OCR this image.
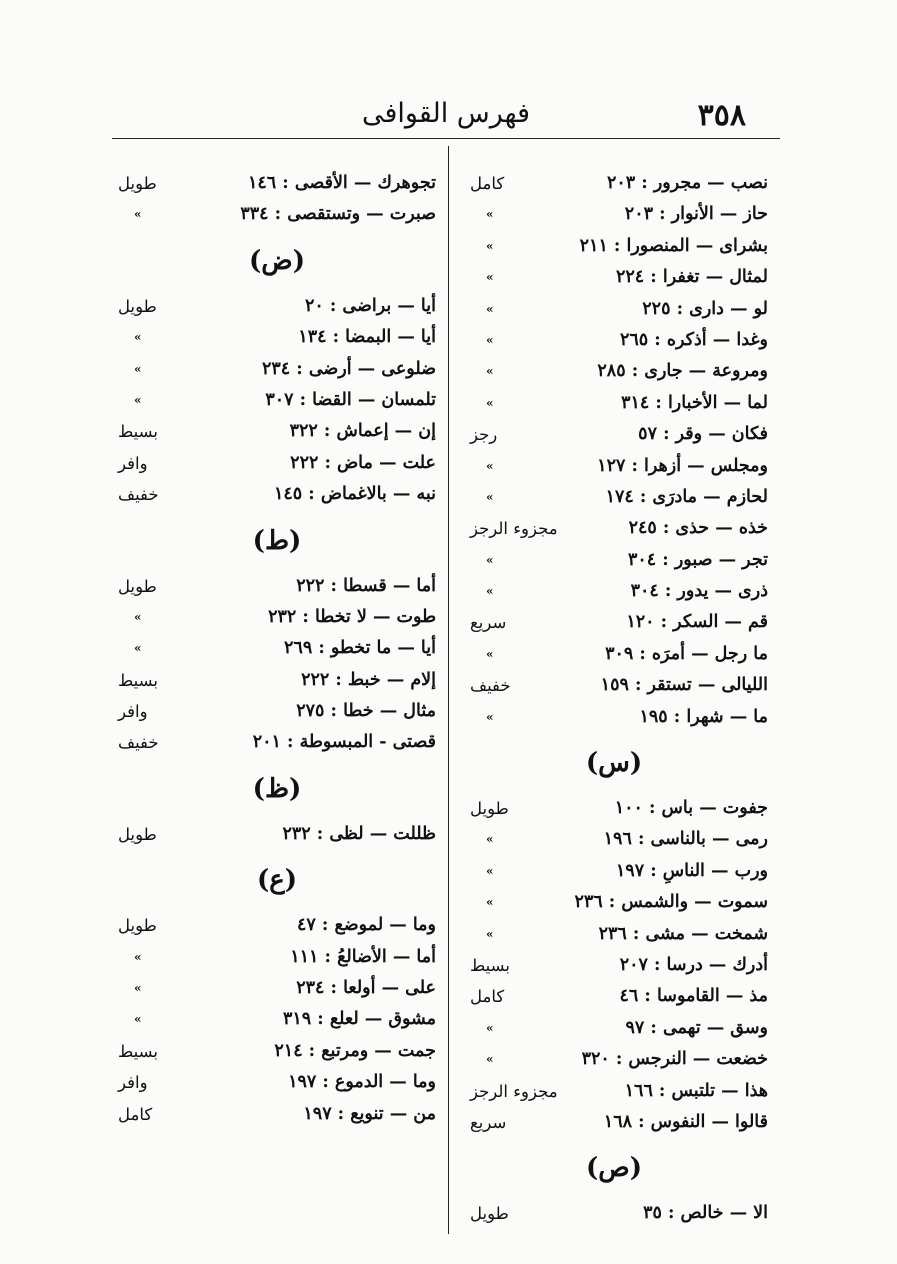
٣٥٨
فهرس القوافى
نصب — مجرور : ٢٠٣
كامل
حاز — الأنوار : ٢٠٣
»
بشراى — المنصورا : ٢١١
»
لمثال — تغفرا : ٢٢٤
»
لو — دارى : ٢٢٥
»
وغدا — أذكره : ٢٦٥
»
ومروعة — جارى : ٢٨٥
»
لما — الأخبارا : ٣١٤
»
فكان — وقر : ٥٧
رجز
ومجلس — أزهرا : ١٢٧
»
لحازم — مادرَى : ١٧٤
»
خذه — حذى : ٢٤٥
مجزوء الرجز
تجر — صبور : ٣٠٤
»
ذرى — يدور : ٣٠٤
»
قم — السكر : ١٢٠
سريع
ما رجل — أمرَه : ٣٠٩
»
الليالى — تستقر : ١٥٩
خفيف
ما — شهرا : ١٩٥
»
(س)
جفوت — باس : ١٠٠
طويل
رمى — بالناسى : ١٩٦
»
ورب — الناسِ : ١٩٧
»
سموت — والشمس : ٢٣٦
»
شمخت — مشى : ٢٣٦
»
أدرك — درسا : ٢٠٧
بسيط
مذ — القاموسا : ٤٦
كامل
وسق — تهمى : ٩٧
»
خضعت — النرجس : ٣٢٠
»
هذا — تلتبس : ١٦٦
مجزوء الرجز
قالوا — النفوس : ١٦٨
سريع
(ص)
الا — خالص : ٣٥
طويل
تجوهرك — الأقصى : ١٤٦
طويل
صبرت — وتستقصى : ٣٣٤
»
(ض)
أيا — براضى : ٢٠
طويل
أيا — البمضا : ١٣٤
»
ضلوعى — أرضى : ٢٣٤
»
تلمسان — القضا : ٣٠٧
»
إن — إعماش : ٣٢٢
بسيط
علت — ماض : ٢٢٢
وافر
نبه — بالاغماض : ١٤٥
خفيف
(ط)
أما — قسطا : ٢٢٢
طويل
طوت — لا تخطا : ٢٣٢
»
أيا — ما تخطو : ٢٦٩
»
إلام — خبط : ٢٢٢
بسيط
مثال — خطا : ٢٧٥
وافر
قصتى - المبسوطة : ٢٠١
خفيف
(ظ)
ظللت — لظى : ٢٣٢
طويل
(ع)
وما — لموضع : ٤٧
طويل
أما — الأضالعُ : ١١١
»
على — أولعا : ٢٣٤
»
مشوق — لعلع : ٣١٩
»
جمت — ومرتبع : ٢١٤
بسيط
وما — الدموع : ١٩٧
وافر
من — تنويع : ١٩٧
كامل
